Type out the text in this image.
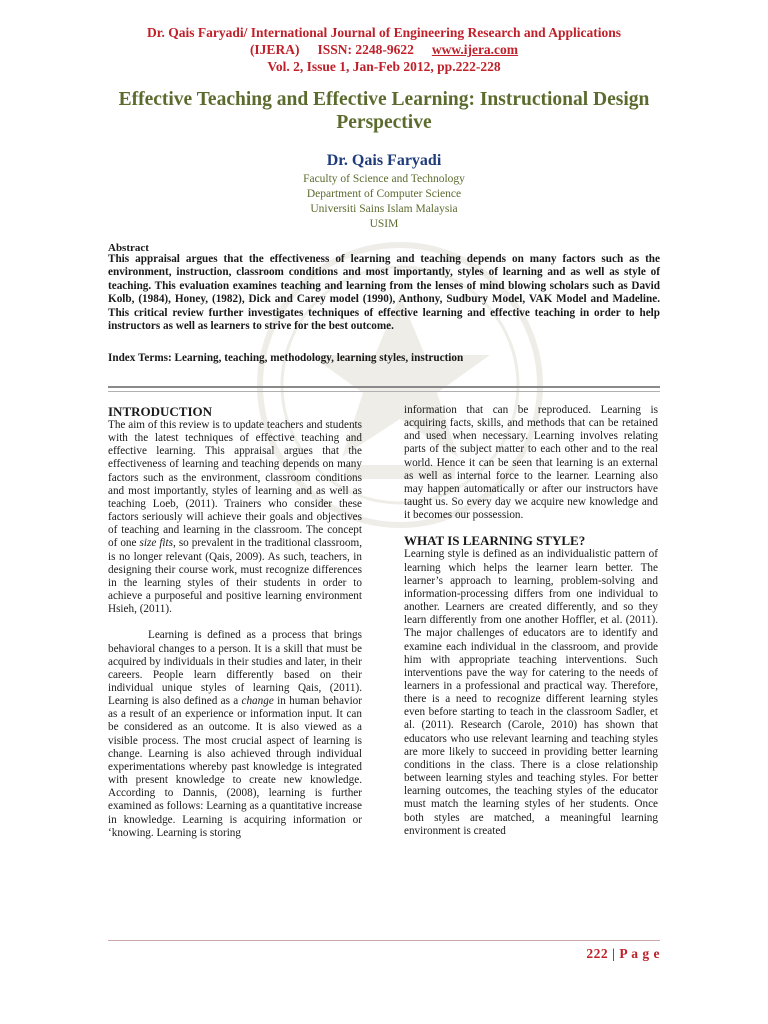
Dr. Qais Faryadi/ International Journal of Engineering Research and Applications
(IJERA) ISSN: 2248-9622 www.ijera.com
Vol. 2, Issue 1, Jan-Feb 2012, pp.222-228
Effective Teaching and Effective Learning: Instructional Design Perspective
Dr. Qais Faryadi
Faculty of Science and Technology
Department of Computer Science
Universiti Sains Islam Malaysia
USIM
Abstract
This appraisal argues that the effectiveness of learning and teaching depends on many factors such as the environment, instruction, classroom conditions and most importantly, styles of learning and as well as style of teaching. This evaluation examines teaching and learning from the lenses of mind blowing scholars such as David Kolb, (1984), Honey, (1982), Dick and Carey model (1990), Anthony, Sudbury Model, VAK Model and Madeline. This critical review further investigates techniques of effective learning and effective teaching in order to help instructors as well as learners to strive for the best outcome.
Index Terms: Learning, teaching, methodology, learning styles, instruction

INTRODUCTION

The aim of this review is to update teachers and students with the latest techniques of effective teaching and effective learning. This appraisal argues that the effectiveness of learning and teaching depends on many factors such as the environment, classroom conditions and most importantly, styles of learning and as well as teaching Loeb, (2011). Trainers who consider these factors seriously will achieve their goals and objectives of teaching and learning in the classroom. The concept of one size fits, so prevalent in the traditional classroom, is no longer relevant (Qais, 2009). As such, teachers, in designing their course work, must recognize differences in the learning styles of their students in order to achieve a purposeful and positive learning environment Hsieh, (2011).

Learning is defined as a process that brings behavioral changes to a person. It is a skill that must be acquired by individuals in their studies and later, in their careers. People learn differently based on their individual unique styles of learning Qais, (2011). Learning is also defined as a change in human behavior as a result of an experience or information input. It can be considered as an outcome. It is also viewed as a visible process. The most crucial aspect of learning is change. Learning is also achieved through individual experimentations whereby past knowledge is integrated with present knowledge to create new knowledge. According to Dannis, (2008), learning is further examined as follows: Learning as a quantitative increase in knowledge. Learning is acquiring information or ‘knowing. Learning is storing

information that can be reproduced. Learning is acquiring facts, skills, and methods that can be retained and used when necessary. Learning involves relating parts of the subject matter to each other and to the real world. Hence it can be seen that learning is an external as well as internal force to the learner. Learning also may happen automatically or after our instructors have taught us. So every day we acquire new knowledge and it becomes our possession.

WHAT IS LEARNING STYLE?

Learning style is defined as an individualistic pattern of learning which helps the learner learn better. The learner’s approach to learning, problem-solving and information-processing differs from one individual to another. Learners are created differently, and so they learn differently from one another Hoffler, et al. (2011). The major challenges of educators are to identify and examine each individual in the classroom, and provide him with appropriate teaching interventions. Such interventions pave the way for catering to the needs of learners in a professional and practical way. Therefore, there is a need to recognize different learning styles even before starting to teach in the classroom Sadler, et al. (2011). Research (Carole, 2010) has shown that educators who use relevant learning and teaching styles are more likely to succeed in providing better learning conditions in the class. There is a close relationship between learning styles and teaching styles. For better learning outcomes, the teaching styles of the educator must match the learning styles of her students. Once both styles are matched, a meaningful learning environment is created

222 | P a g e
